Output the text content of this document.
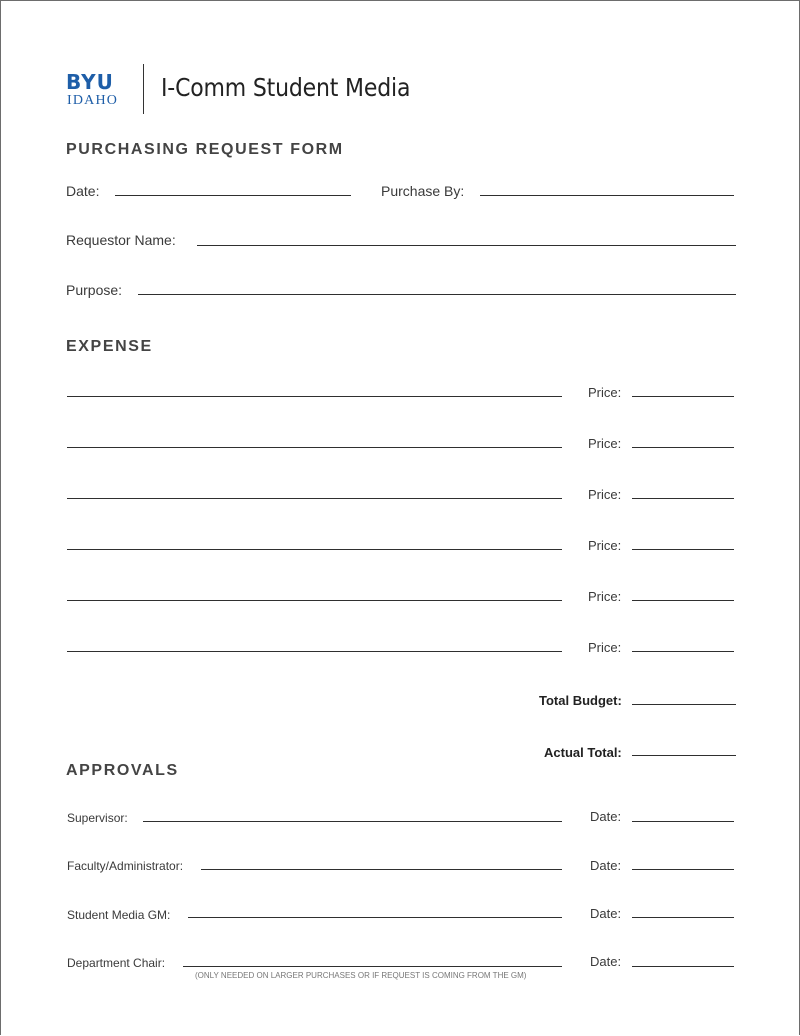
BYU
IDAHO I-Comm Student Media
PURCHASING REQUEST FORM
Date:	Purchase By:
Requestor Name:
Purpose:
EXPENSE
Price:
Price:
Price:
Price:
Price:
Price:
Total Budget:
Actual Total:
APPROVALS
Supervisor:	Date:
Faculty/Administrator:	Date:
Student Media GM:	Date:
Department Chair:	Date:
(ONLY NEEDED ON LARGER PURCHASES OR IF REQUEST IS COMING FROM THE GM)
